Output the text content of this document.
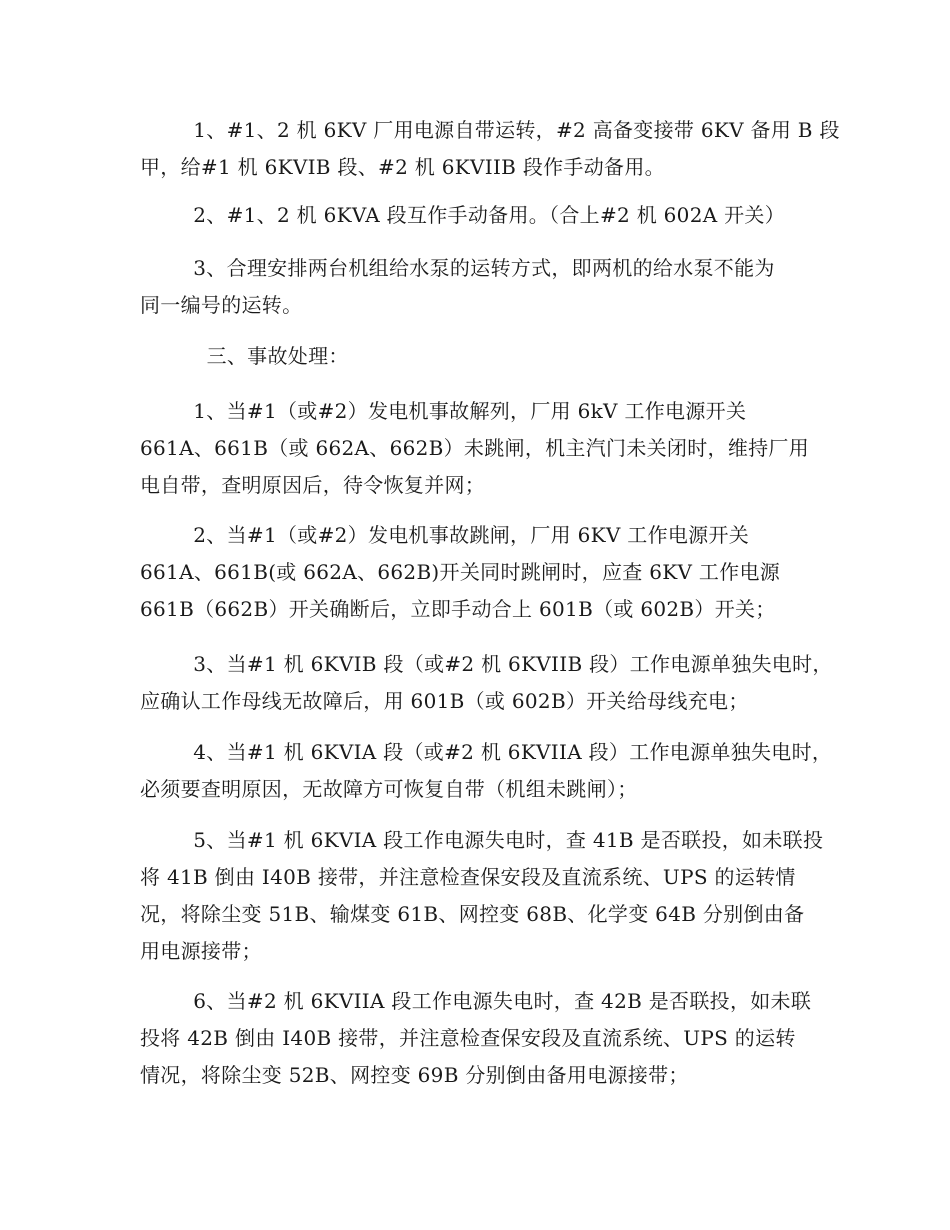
1、#1、2 机 6KV 厂用电源自带运转，#2 高备变接带 6KV 备用 B 段
甲，给#1 机 6KVIB 段、#2 机 6KVIIB 段作手动备用。
2、#1、2 机 6KVA 段互作手动备用。（合上#2 机 602A 开关）
3、合理安排两台机组给水泵的运转方式，即两机的给水泵不能为
同一编号的运转。
三、事故处理：
1、当#1（或#2）发电机事故解列，厂用 6kV 工作电源开关
661A、661B（或 662A、662B）未跳闸，机主汽门未关闭时，维持厂用
电自带，查明原因后，待令恢复并网；
2、当#1（或#2）发电机事故跳闸，厂用 6KV 工作电源开关
661A、661B(或 662A、662B)开关同时跳闸时，应查 6KV 工作电源
661B（662B）开关确断后，立即手动合上 601B（或 602B）开关；
3、当#1 机 6KVIB 段（或#2 机 6KVIIB 段）工作电源单独失电时，
应确认工作母线无故障后，用 601B（或 602B）开关给母线充电；
4、当#1 机 6KVIA 段（或#2 机 6KVIIA 段）工作电源单独失电时，
必须要查明原因，无故障方可恢复自带（机组未跳闸）；
5、当#1 机 6KVIA 段工作电源失电时，查 41B 是否联投，如未联投
将 41B 倒由 I40B 接带，并注意检查保安段及直流系统、UPS 的运转情
况，将除尘变 51B、输煤变 61B、网控变 68B、化学变 64B 分别倒由备
用电源接带；
6、当#2 机 6KVIIA 段工作电源失电时，查 42B 是否联投，如未联
投将 42B 倒由 I40B 接带，并注意检查保安段及直流系统、UPS 的运转
情况，将除尘变 52B、网控变 69B 分别倒由备用电源接带；
